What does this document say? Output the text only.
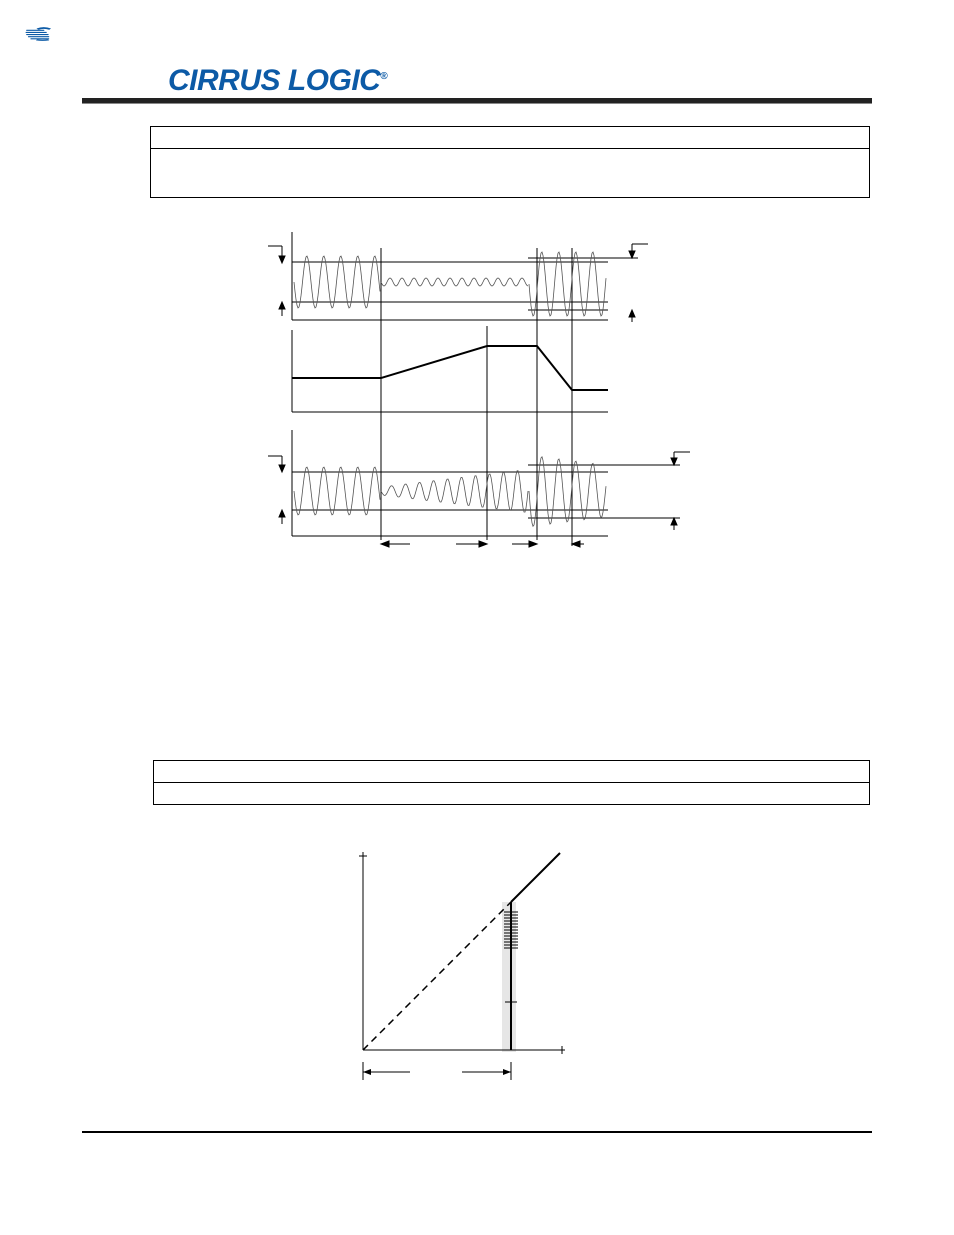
CIRRUS LOGIC®
